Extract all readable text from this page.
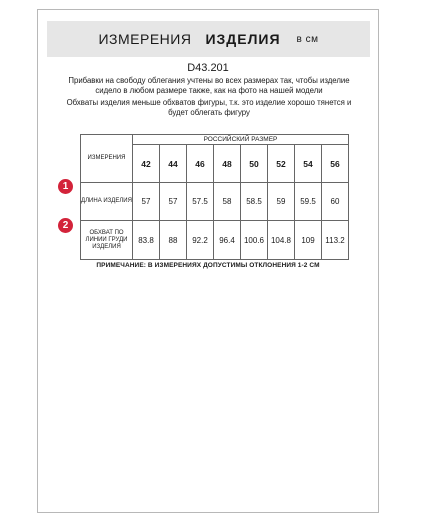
ИЗМЕРЕНИЯ ИЗДЕЛИЯ в см
D43.201

Прибавки на свободу облегания учтены во всех размерах так, чтобы изделие сидело в любом размере также, как на фото на нашей модели

Обхваты изделия меньше обхватов фигуры, т.к. это изделие хорошо тянется и будет облегать фигуру

ИЗМЕРЕНИЯ	РОССИЙСКИЙ РАЗМЕР							
	42	44	46	48	50	52	54	56
ДЛИНА ИЗДЕЛИЯ	57	57	57.5	58	58.5	59	59.5	60
ОБХВАТ ПО ЛИНИИ ГРУДИ ИЗДЕЛИЯ	83.8	88	92.2	96.4	100.6	104.8	109	113.2
1
2
ПРИМЕЧАНИЕ: В ИЗМЕРЕНИЯХ ДОПУСТИМЫ ОТКЛОНЕНИЯ 1-2 СМ
